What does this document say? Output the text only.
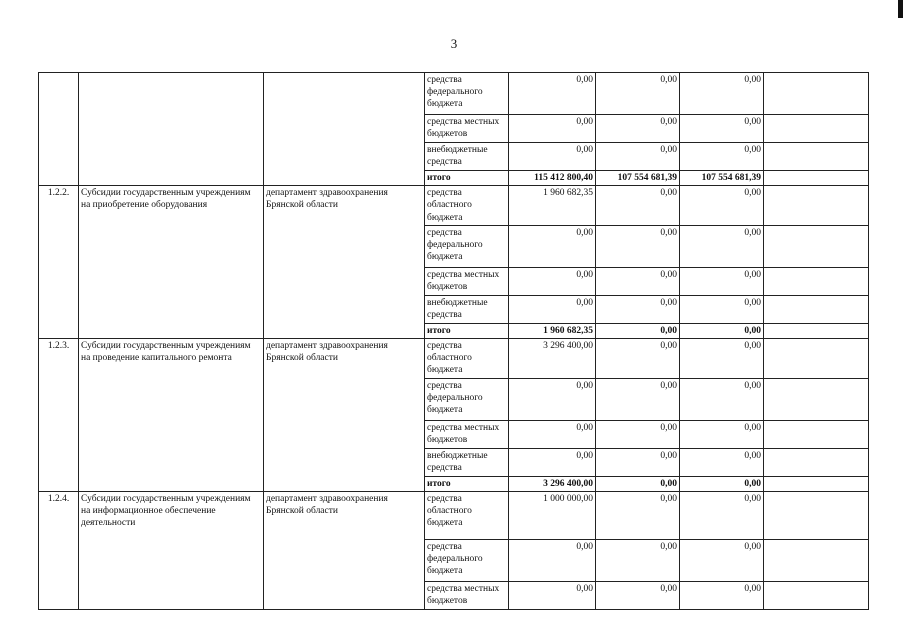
3
			средства федерального бюджета	0,00	0,00	0,00	
			средства местных бюджетов	0,00	0,00	0,00	
			внебюджетные средства	0,00	0,00	0,00	
			итого	115 412 800,40	107 554 681,39	107 554 681,39	
1.2.2.	Субсидии государственным учреждениям на приобретение оборудования	департамент здравоохранения Брянской области	средства областного бюджета	1 960 682,35	0,00	0,00	
			средства федерального бюджета	0,00	0,00	0,00	
			средства местных бюджетов	0,00	0,00	0,00	
			внебюджетные средства	0,00	0,00	0,00	
			итого	1 960 682,35	0,00	0,00	
1.2.3.	Субсидии государственным учреждениям на проведение капитального ремонта	департамент здравоохранения Брянской области	средства областного бюджета	3 296 400,00	0,00	0,00	
			средства федерального бюджета	0,00	0,00	0,00	
			средства местных бюджетов	0,00	0,00	0,00	
			внебюджетные средства	0,00	0,00	0,00	
			итого	3 296 400,00	0,00	0,00	
1.2.4.	Субсидии государственным учреждениям на информационное обеспечение деятельности	департамент здравоохранения Брянской области	средства областного бюджета	1 000 000,00	0,00	0,00	
			средства федерального бюджета	0,00	0,00	0,00	
			средства местных бюджетов	0,00	0,00	0,00	
